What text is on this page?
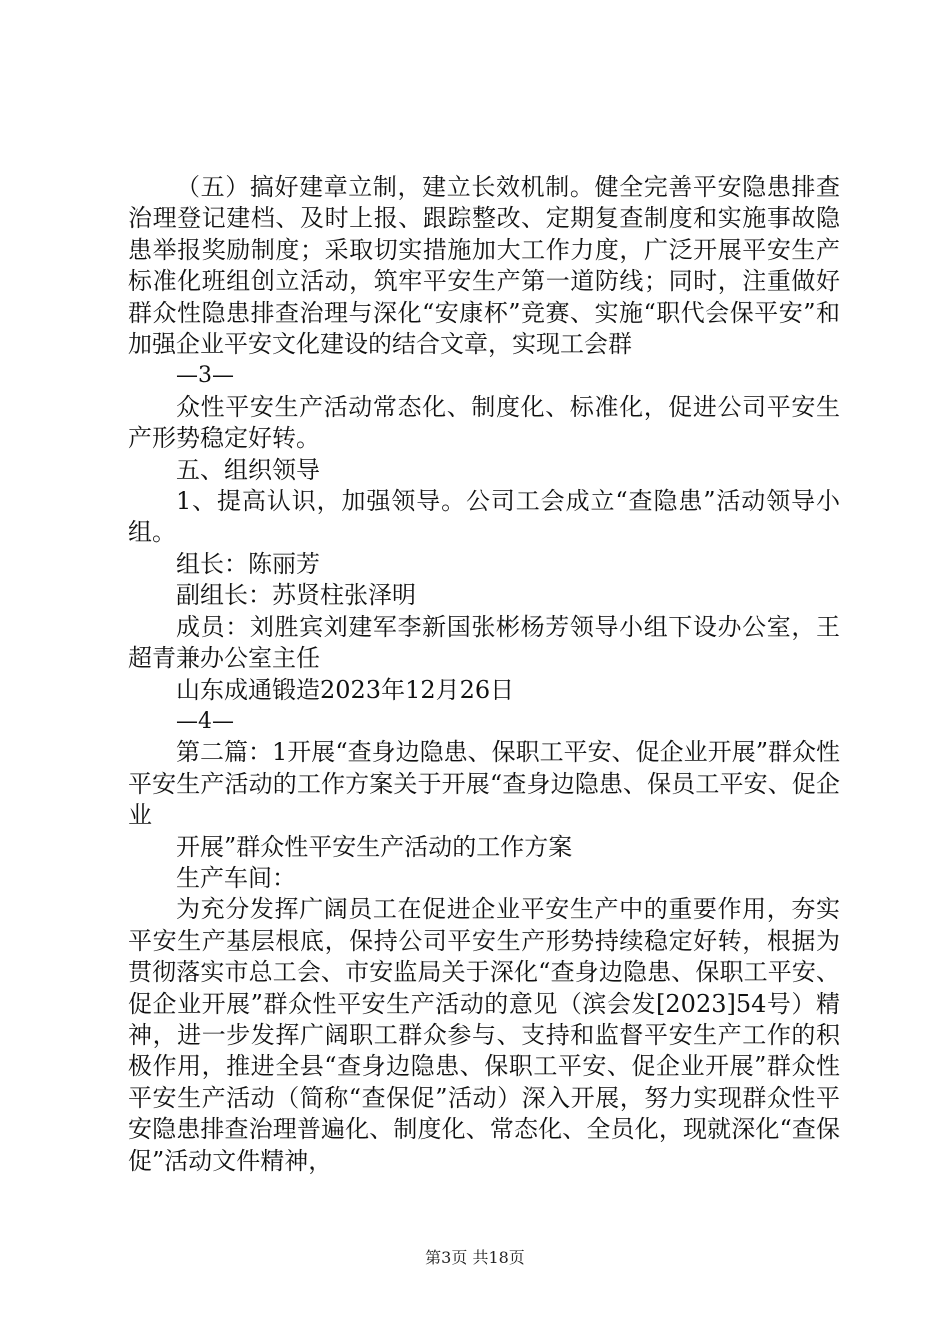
（五）搞好建章立制，建立长效机制。健全完善平安隐患排查治理登记建档、及时上报、跟踪整改、定期复查制度和实施事故隐患举报奖励制度；采取切实措施加大工作力度，广泛开展平安生产标准化班组创立活动，筑牢平安生产第一道防线；同时，注重做好群众性隐患排查治理与深化“安康杯”竞赛、实施“职代会保平安”和加强企业平安文化建设的结合文章，实现工会群

—3—

众性平安生产活动常态化、制度化、标准化，促进公司平安生产形势稳定好转。

五、组织领导

1、提高认识，加强领导。公司工会成立“查隐患”活动领导小组。

组长：陈丽芳
副组长：苏贤柱张泽明

成员：刘胜宾刘建军李新国张彬杨芳领导小组下设办公室，王超青兼办公室主任

山东成通锻造2023年12月26日
—4—

第二篇：1开展“查身边隐患、保职工平安、促企业开展”群众性平安生产活动的工作方案关于开展“查身边隐患、保员工平安、促企业

开展”群众性平安生产活动的工作方案
生产车间：

为充分发挥广阔员工在促进企业平安生产中的重要作用，夯实平安生产基层根底，保持公司平安生产形势持续稳定好转，根据为贯彻落实市总工会、市安监局关于深化“查身边隐患、保职工平安、促企业开展”群众性平安生产活动的意见（滨会发[2023]54号）精神，进一步发挥广阔职工群众参与、支持和监督平安生产工作的积极作用，推进全县“查身边隐患、保职工平安、促企业开展”群众性平安生产活动（简称“查保促”活动）深入开展，努力实现群众性平安隐患排查治理普遍化、制度化、常态化、全员化，现就深化“查保促”活动文件精神，

第3页 共18页
